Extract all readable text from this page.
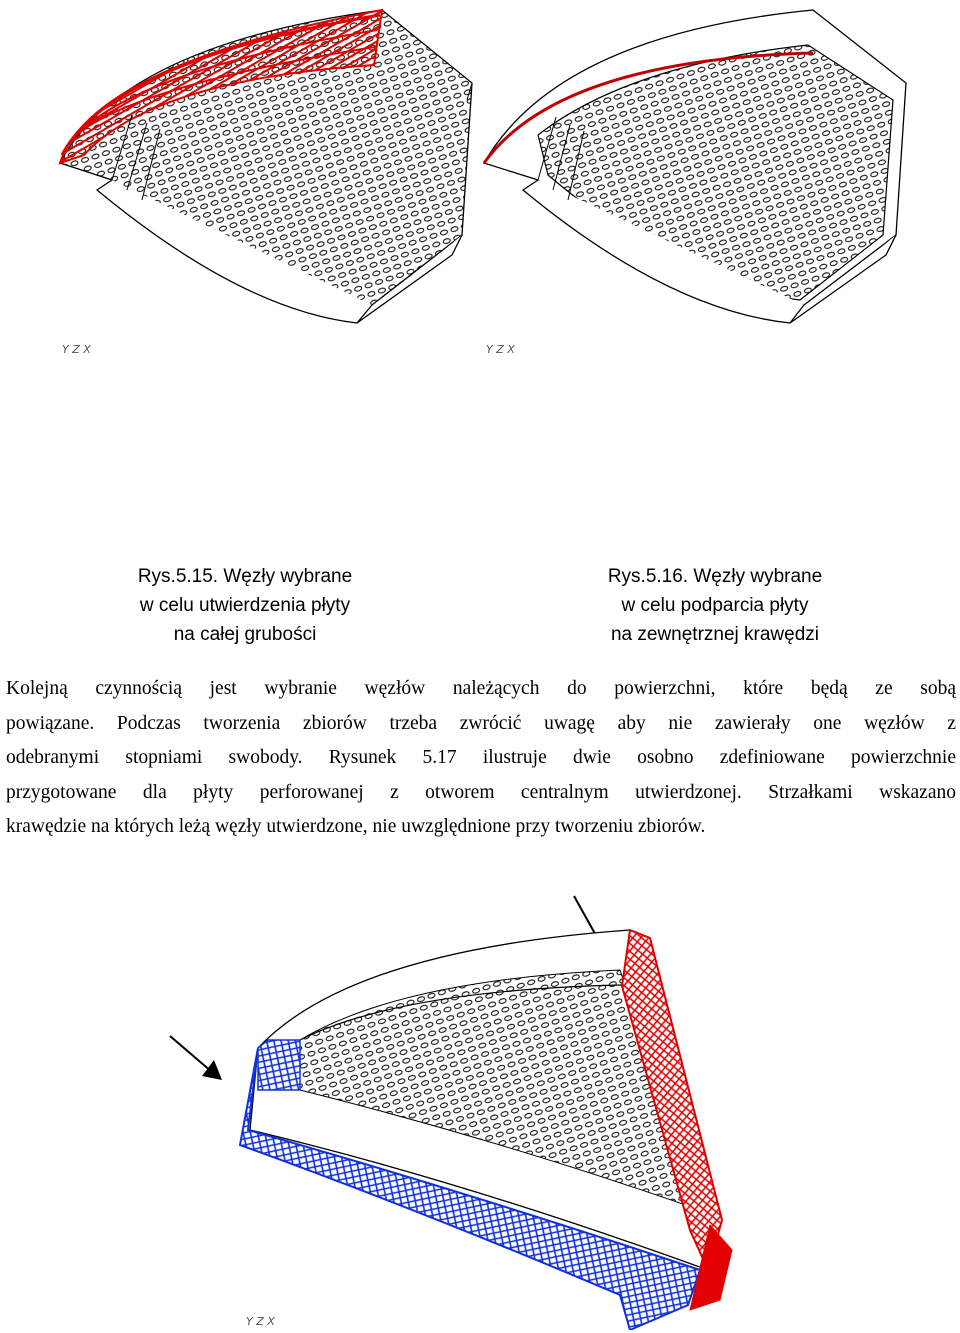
Y Z X	Y Z X
Rys.5.15. Węzły wybrane
w celu utwierdzenia płyty
na całej grubości
Rys.5.16. Węzły wybrane
w celu podparcia płyty
na zewnętrznej krawędzi
Kolejną czynnością jest wybranie węzłów należących do powierzchni, które będą ze sobą
powiązane. Podczas tworzenia zbiorów trzeba zwrócić uwagę aby nie zawierały one węzłów z
odebranymi stopniami swobody. Rysunek 5.17 ilustruje dwie osobno zdefiniowane powierzchnie
przygotowane dla płyty perforowanej z otworem centralnym utwierdzonej. Strzałkami wskazano
krawędzie na których leżą węzły utwierdzone, nie uwzględnione przy tworzeniu zbiorów.
Y Z X
